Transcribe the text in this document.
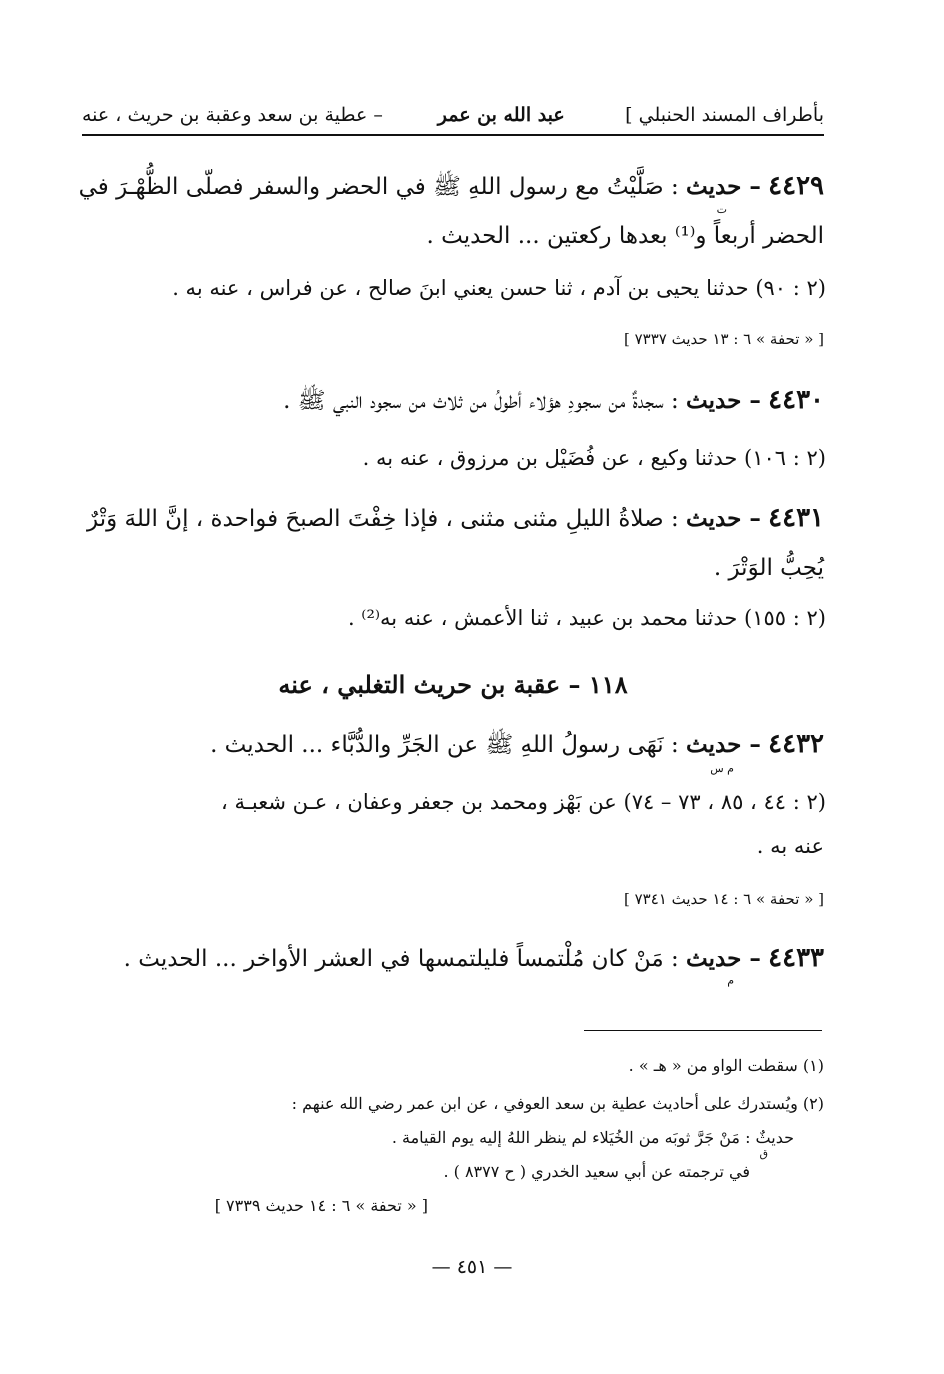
بأطراف المسند الحنبلي ]          عبد الله بن عمر
– عطية بن سعد وعقبة بن حريث ، عنه
٤٤٢٩ – حديث : صَلَّيْتُ مع رسول اللهِ ﷺ في الحضر والسفر فصلّى الظُّهْـرَ في
ت
الحضر أربعاً و⁽¹⁾ بعدها ركعتين ... الحديث .
(٢ : ٩٠) حدثنا يحيى بن آدم ، ثنا حسن يعني ابنَ صالح ، عن فراس ، عنه به .
[ « تحفة » ٦ : ١٣ حديث ٧٣٣٧ ]
٤٤٣٠ – حديث : سجدةٌ من سجودِ هؤلاء أطولُ من ثلاث من سجود النبي ﷺ .
(٢ : ١٠٦) حدثنا وكيع ، عن فُضَيْل بن مرزوق ، عنه به .
٤٤٣١ – حديث : صلاةُ الليلِ مثنى مثنى ، فإذا خِفْتَ الصبحَ فواحدة ، إنَّ اللهَ وَتْرٌ
يُحِبُّ الوَتْرَ .
(٢ : ١٥٥) حدثنا محمد بن عبيد ، ثنا الأعمش ، عنه به⁽²⁾ .
١١٨ – عقبة بن حريث التغلبي ، عنه
٤٤٣٢ – حديث : نَهَى رسولُ اللهِ ﷺ عن الجَرِّ والدُّبَّاء ... الحديث .
م س
(٢ : ٤٤ ، ٨٥ ، ٧٣ – ٧٤) عن بَهْز ومحمد بن جعفر وعفان ، عـن شعبـة ،
عنه به .
[ « تحفة » ٦ : ١٤ حديث ٧٣٤١ ]
٤٤٣٣ – حديث : مَنْ كان مُلْتمساً فليلتمسها في العشر الأواخر ... الحديث .
م
(١) سقطت الواو من « هـ » .
(٢) ويُستدرك على أحاديث عطية بن سعد العوفي ، عن ابن عمر رضي الله عنهم :
حديثٌ : مَنْ جَرَّ ثوبَه من الخُيَلاء لم ينظر اللهُ إليه يوم القيامة .
ق
في ترجمته عن أبي سعيد الخدري ( ح ٨٣٧٧ ) .
[ « تحفة » ٦ : ١٤ حديث ٧٣٣٩ ]
— ٤٥١ —
